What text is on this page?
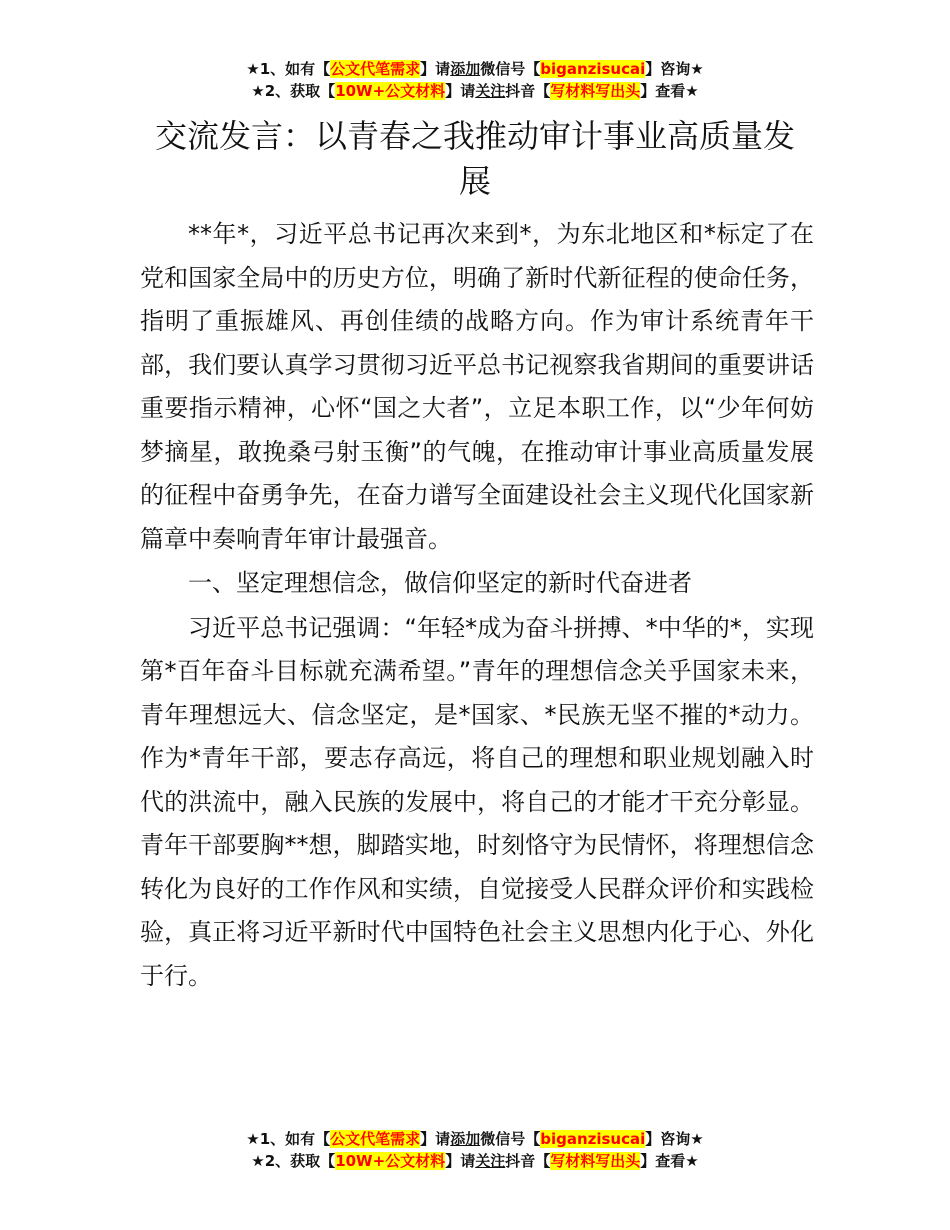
★1、如有【公文代笔需求】请添加微信号【biganzisucai】咨询★
★2、获取【10W+公文材料】请关注抖音【写材料写出头】查看★
交流发言：以青春之我推动审计事业高质量发展

**年*，习近平总书记再次来到*，为东北地区和*标定了在党和国家全局中的历史方位，明确了新时代新征程的使命任务，指明了重振雄风、再创佳绩的战略方向。作为审计系统青年干部，我们要认真学习贯彻习近平总书记视察我省期间的重要讲话重要指示精神，心怀“国之大者”，立足本职工作，以“少年何妨梦摘星，敢挽桑弓射玉衡”的气魄，在推动审计事业高质量发展的征程中奋勇争先，在奋力谱写全面建设社会主义现代化国家新篇章中奏响青年审计最强音。

一、坚定理想信念，做信仰坚定的新时代奋进者

习近平总书记强调：“年轻*成为奋斗拼搏、*中华的*，实现第*百年奋斗目标就充满希望。”青年的理想信念关乎国家未来，青年理想远大、信念坚定，是*国家、*民族无坚不摧的*动力。作为*青年干部，要志存高远，将自己的理想和职业规划融入时代的洪流中，融入民族的发展中，将自己的才能才干充分彰显。青年干部要胸**想，脚踏实地，时刻恪守为民情怀，将理想信念转化为良好的工作作风和实绩，自觉接受人民群众评价和实践检验，真正将习近平新时代中国特色社会主义思想内化于心、外化于行。

★1、如有【公文代笔需求】请添加微信号【biganzisucai】咨询★
★2、获取【10W+公文材料】请关注抖音【写材料写出头】查看★
